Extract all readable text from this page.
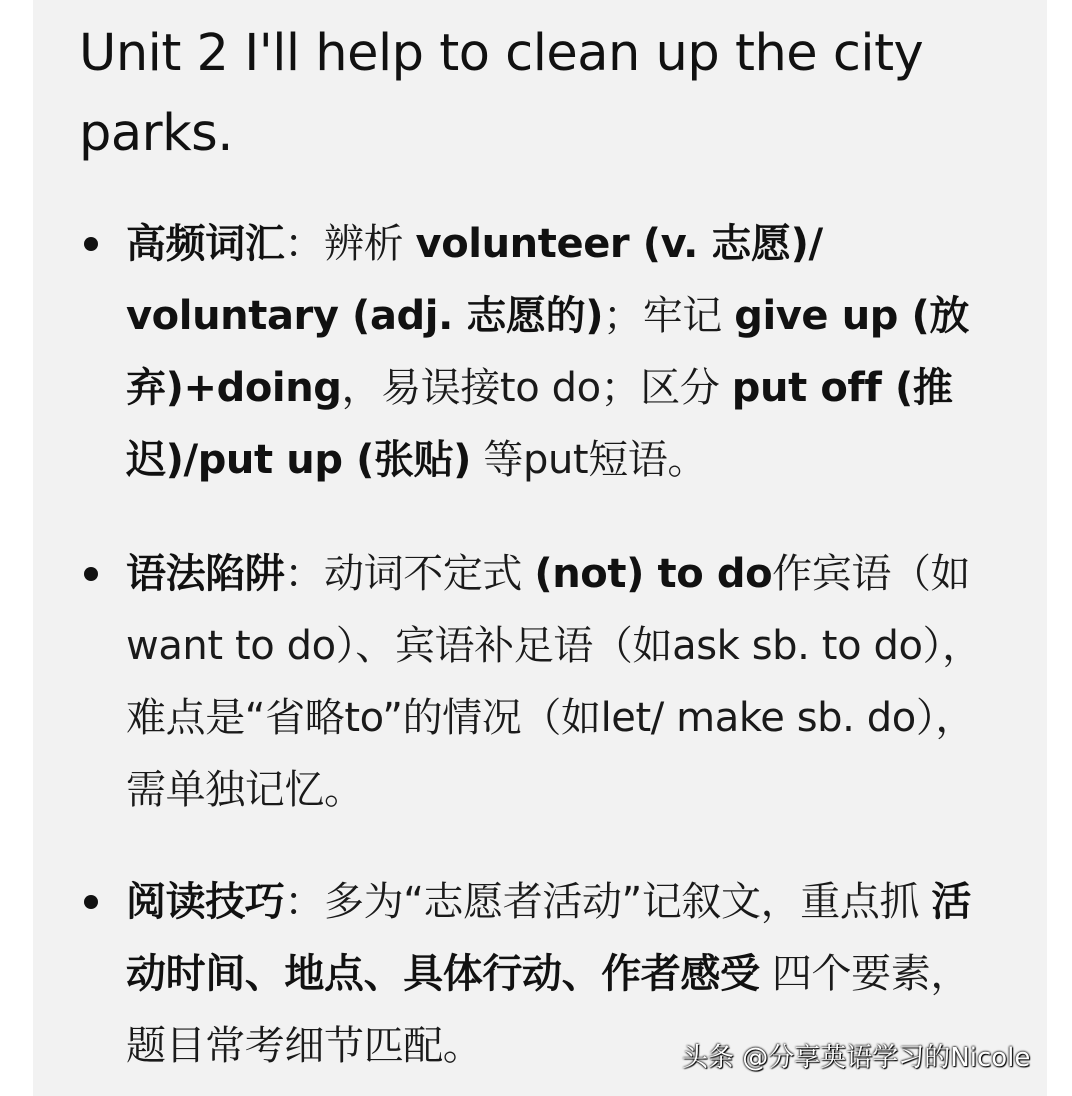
Unit 2 I'll help to clean up the city parks.
高频词汇：辨析 volunteer (v. 志愿)/ voluntary (adj. 志愿的)；牢记 give up (放弃)+doing，易误接to do；区分 put off (推迟)/put up (张贴) 等put短语。
语法陷阱：动词不定式 (not) to do作宾语（如want to do）、宾语补足语（如ask sb. to do），难点是“省略to”的情况（如let/ make sb. do），需单独记忆。
阅读技巧：多为“志愿者活动”记叙文，重点抓 活动时间、地点、具体行动、作者感受 四个要素，题目常考细节匹配。	头条 @分享英语学习的Nicole
